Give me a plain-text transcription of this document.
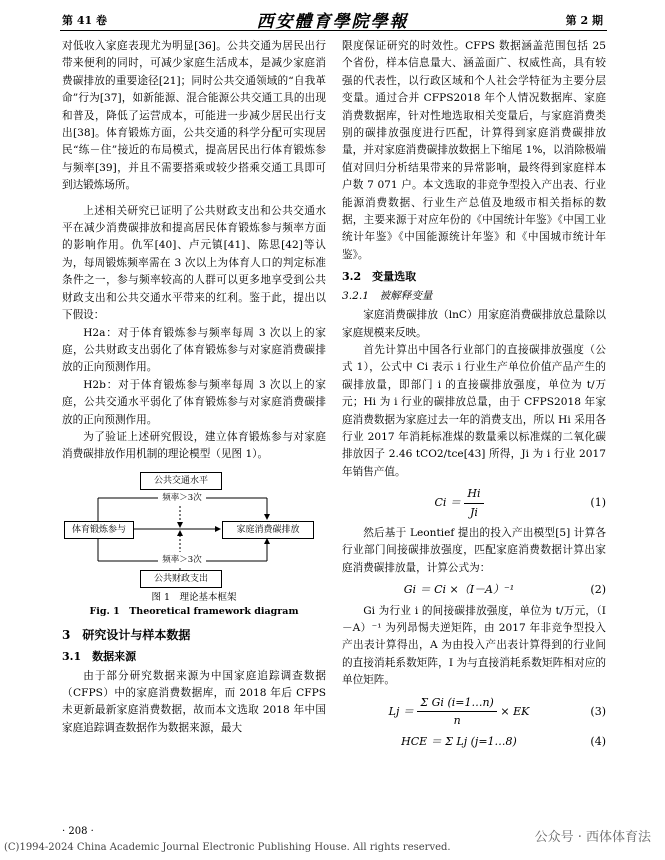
第 41 卷	西安體育學院學報	第 2 期

对低收入家庭表现尤为明显[36]。公共交通为居民出行带来便利的同时，可减少家庭生活成本，是减少家庭消费碳排放的重要途径[21]；同时公共交通领域的“自我革命”行为[37]，如新能源、混合能源公共交通工具的出现和普及，降低了运营成本，可能进一步减少居民出行支出[38]。体育锻炼方面，公共交通的科学分配可实现居民“练－住”接近的布局模式，提高居民出行体育锻炼参与频率[39]，并且不需要搭乘或较少搭乘交通工具即可到达锻炼场所。

上述相关研究已证明了公共财政支出和公共交通水平在减少消费碳排放和提高居民体育锻炼参与频率方面的影响作用。仇军[40]、卢元镇[41]、陈思[42]等认为，每周锻炼频率需在 3 次以上为体育人口的判定标准条件之一，参与频率较高的人群可以更多地享受到公共财政支出和公共交通水平带来的红利。鉴于此，提出以下假设：

H2a：对于体育锻炼参与频率每周 3 次以上的家庭，公共财政支出弱化了体育锻炼参与对家庭消费碳排放的正向预测作用。

H2b：对于体育锻炼参与频率每周 3 次以上的家庭，公共交通水平弱化了体育锻炼参与对家庭消费碳排放的正向预测作用。

为了验证上述研究假设，建立体育锻炼参与对家庭消费碳排放作用机制的理论模型（见图 1）。

公共交通水平
频率＞3次
体育锻炼参与	家庭消费碳排放
频率＞3次
公共财政支出

图 1　理论基本框架

Fig. 1　Theoretical framework diagram

3　研究设计与样本数据
3.1　数据来源

由于部分研究数据来源为中国家庭追踪调查数据（CFPS）中的家庭消费数据库，而 2018 年后 CFPS 未更新最新家庭消费数据，故而本文选取 2018 年中国家庭追踪调查数据作为数据来源，最大

限度保证研究的时效性。CFPS 数据涵盖范围包括 25 个省份，样本信息量大、涵盖面广、权威性高，具有较强的代表性，以行政区域和个人社会学特征为主要分层变量。通过合并 CFPS2018 年个人情况数据库、家庭消费数据库，针对性地选取相关变量后，与家庭消费类别的碳排放强度进行匹配，计算得到家庭消费碳排放量，并对家庭消费碳排放数据上下缩尾 1%，以消除极端值对回归分析结果带来的异常影响，最终得到家庭样本户数 7 071 户。本文选取的非竞争型投入产出表、行业能源消费数据、行业生产总值及地级市相关指标的数据，主要来源于对应年份的《中国统计年鉴》《中国工业统计年鉴》《中国能源统计年鉴》和《中国城市统计年鉴》。

3.2　变量选取
3.2.1　被解释变量

家庭消费碳排放（lnC）用家庭消费碳排放总量除以家庭规模来反映。

首先计算出中国各行业部门的直接碳排放强度（公式 1），公式中 Ci 表示 i 行业生产单位价值产品产生的碳排放量，即部门 i 的直接碳排放强度，单位为 t/万元；Hi 为 i 行业的碳排放总量，由于 CFPS2018 年家庭消费数据为家庭过去一年的消费支出，所以 Hi 采用各行业 2017 年消耗标准煤的数量乘以标准煤的二氧化碳排放因子 2.46 tCO2/tce[43] 所得，Ji 为 i 行业 2017 年销售产值。

$Ci = \frac{Hi}{Ji}$	(1)

然后基于 Leontief 提出的投入产出模型[5] 计算各行业部门间接碳排放强度，匹配家庭消费数据计算出家庭消费碳排放量，计算公式为：

Gi ＝ Ci ×（I－A）⁻¹	(2)

Gi 为行业 i 的间接碳排放强度，单位为 t/万元，（I－A）⁻¹ 为列昂惕夫逆矩阵，由 2017 年非竞争型投入产出表计算得出，A 为由投入产出表计算得到的行业间的直接消耗系数矩阵，I 为与直接消耗系数矩阵相对应的单位矩阵。

$Lj = \frac{\text{Σ Gi (i=1…n)}}{n}$ × EK	(3)
HCE ＝ Σ Lj (j=1…8)	(4)
· 208 ·
(C)1994-2024 China Academic Journal Electronic Publishing House. All rights reserved.
公众号 · 西体体育法
